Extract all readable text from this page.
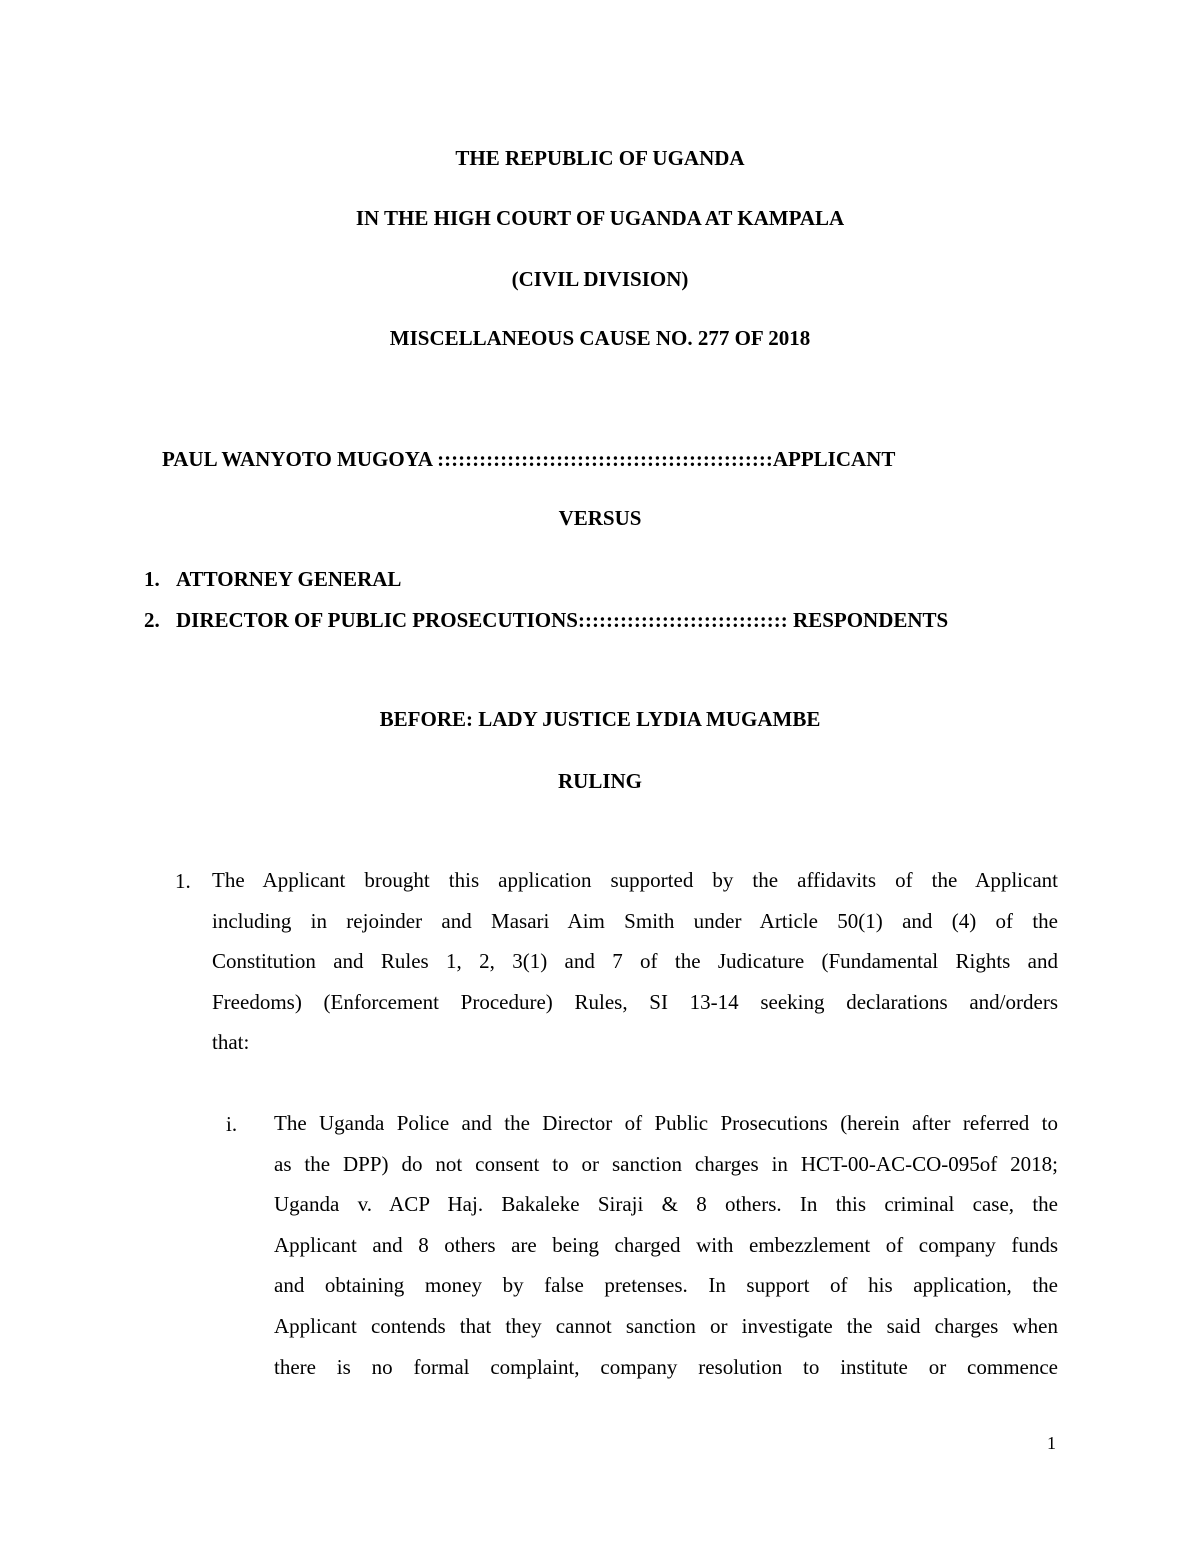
THE REPUBLIC OF UGANDA
IN THE HIGH COURT OF UGANDA AT KAMPALA
(CIVIL DIVISION)
MISCELLANEOUS CAUSE NO. 277 OF 2018
PAUL WANYOTO MUGOYA ::::::::::::::::::::::::::::::::::::::::::::::::APPLICANT
VERSUS
1. ATTORNEY GENERAL
2. DIRECTOR OF PUBLIC PROSECUTIONS:::::::::::::::::::::::::::::: RESPONDENTS
BEFORE: LADY JUSTICE LYDIA MUGAMBE
RULING
1. The Applicant brought this application supported by the affidavits of the Applicant
including in rejoinder and Masari Aim Smith under Article 50(1) and (4) of the
Constitution and Rules 1, 2, 3(1) and 7 of the Judicature (Fundamental Rights and
Freedoms) (Enforcement Procedure) Rules, SI 13-14 seeking declarations and/orders
that:
i. The Uganda Police and the Director of Public Prosecutions (herein after referred to
as the DPP) do not consent to or sanction charges in HCT-00-AC-CO-095of 2018;
Uganda v. ACP Haj. Bakaleke Siraji & 8 others. In this criminal case, the
Applicant and 8 others are being charged with embezzlement of company funds
and obtaining money by false pretenses. In support of his application, the
Applicant contends that they cannot sanction or investigate the said charges when
there is no formal complaint, company resolution to institute or commence
1
